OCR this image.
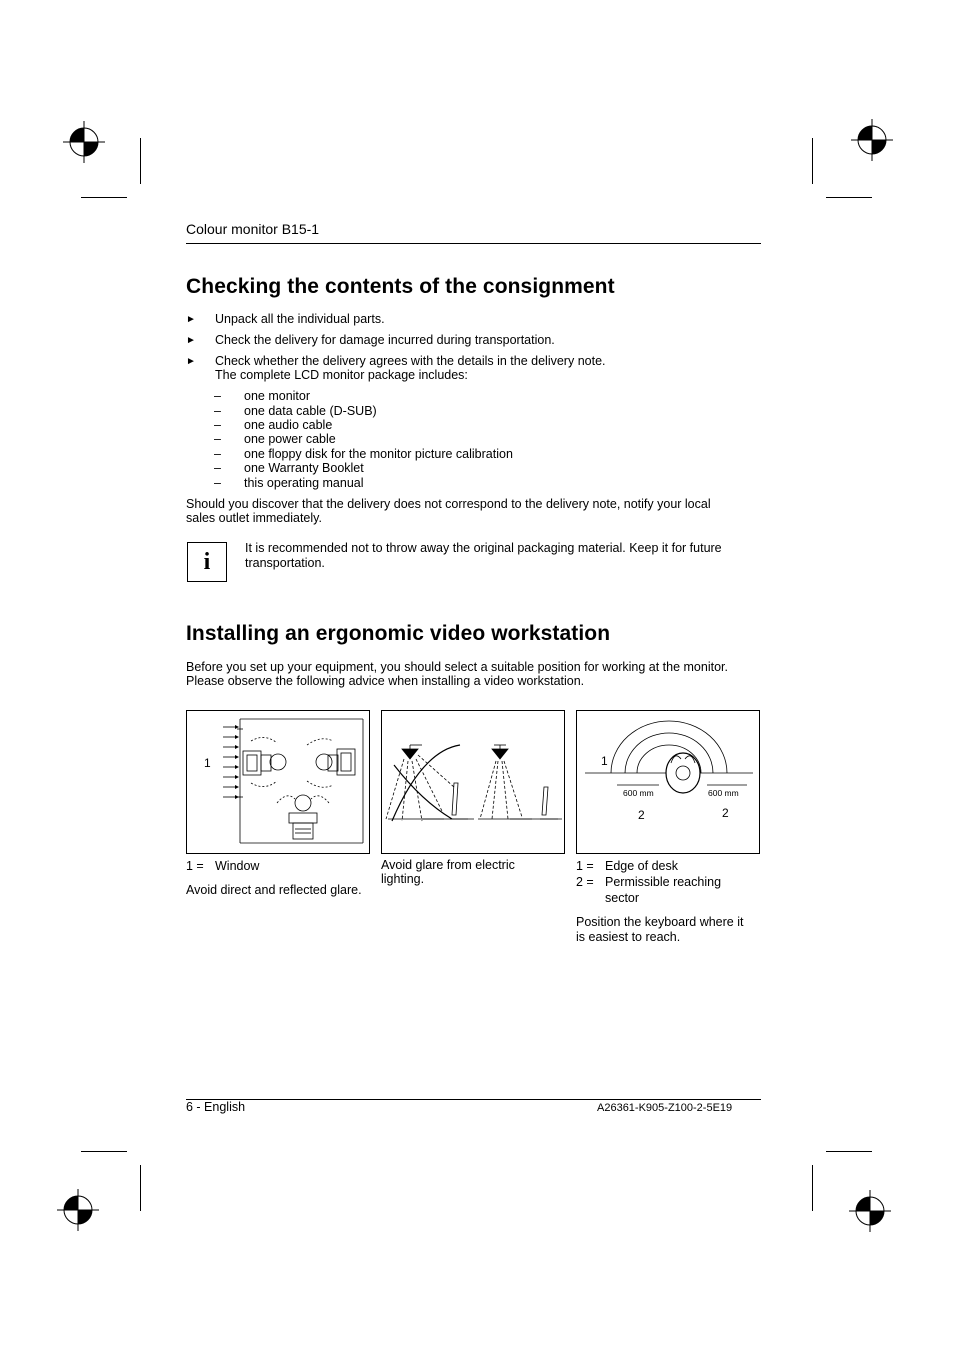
Colour monitor B15-1
Checking the contents of the consignment
► Unpack all the individual parts.
► Check the delivery for damage incurred during transportation.
► Check whether the delivery agrees with the details in the delivery note.
The complete LCD monitor package includes:
– one monitor
– one data cable (D-SUB)
– one audio cable
– one power cable
– one floppy disk for the monitor picture calibration
– one Warranty Booklet
– this operating manual
Should you discover that the delivery does not correspond to the delivery note, notify your local
sales outlet immediately.
i
It is recommended not to throw away the original packaging material. Keep it for future
transportation.
Installing an ergonomic video workstation
Before you set up your equipment, you should select a suitable position for working at the monitor.
Please observe the following advice when installing a video workstation.
1	1
600 mm	600 mm
2	2
1 = Window
Avoid direct and reflected glare.
Avoid glare from electric
lighting.
1 = Edge of desk
2 = Permissible reaching
sector
Position the keyboard where it
is easiest to reach.
6 - English	A26361-K905-Z100-2-5E19
